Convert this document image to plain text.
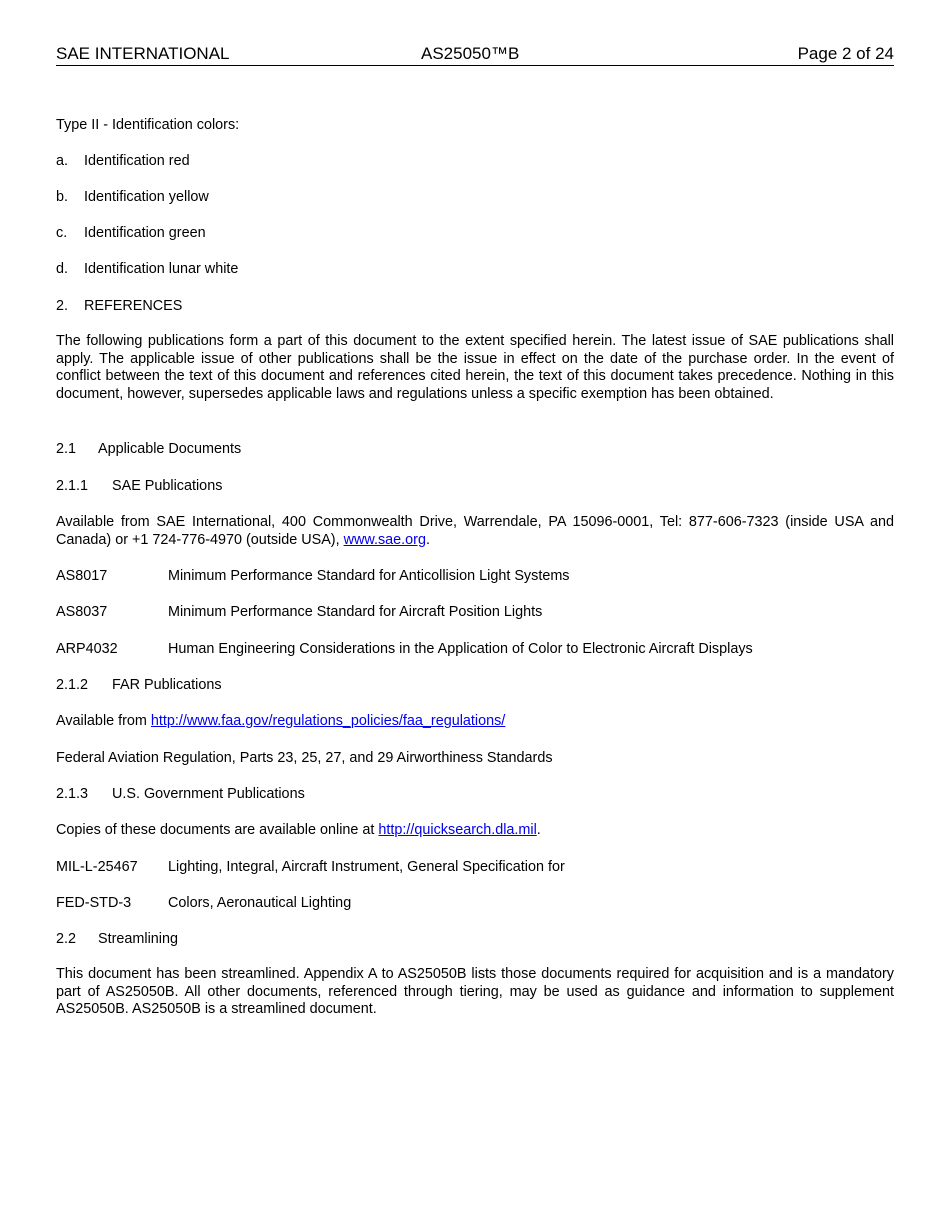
SAE INTERNATIONAL	AS25050™B	Page 2 of 24
Type II - Identification colors:
a. Identification red
b. Identification yellow
c. Identification green
d. Identification lunar white
2. REFERENCES
The following publications form a part of this document to the extent specified herein. The latest issue of SAE publications shall apply. The applicable issue of other publications shall be the issue in effect on the date of the purchase order. In the event of conflict between the text of this document and references cited herein, the text of this document takes precedence. Nothing in this document, however, supersedes applicable laws and regulations unless a specific exemption has been obtained.
2.1 Applicable Documents
2.1.1 SAE Publications
Available from SAE International, 400 Commonwealth Drive, Warrendale, PA 15096-0001, Tel: 877-606-7323 (inside USA and Canada) or +1 724-776-4970 (outside USA), www.sae.org.
AS8017	Minimum Performance Standard for Anticollision Light Systems
AS8037	Minimum Performance Standard for Aircraft Position Lights
ARP4032	Human Engineering Considerations in the Application of Color to Electronic Aircraft Displays
2.1.2 FAR Publications
Available from http://www.faa.gov/regulations_policies/faa_regulations/
Federal Aviation Regulation, Parts 23, 25, 27, and 29 Airworthiness Standards
2.1.3 U.S. Government Publications
Copies of these documents are available online at http://quicksearch.dla.mil.
MIL-L-25467 Lighting, Integral, Aircraft Instrument, General Specification for
FED-STD-3	Colors, Aeronautical Lighting
2.2 Streamlining
This document has been streamlined. Appendix A to AS25050B lists those documents required for acquisition and is a mandatory part of AS25050B. All other documents, referenced through tiering, may be used as guidance and information to supplement AS25050B. AS25050B is a streamlined document.
